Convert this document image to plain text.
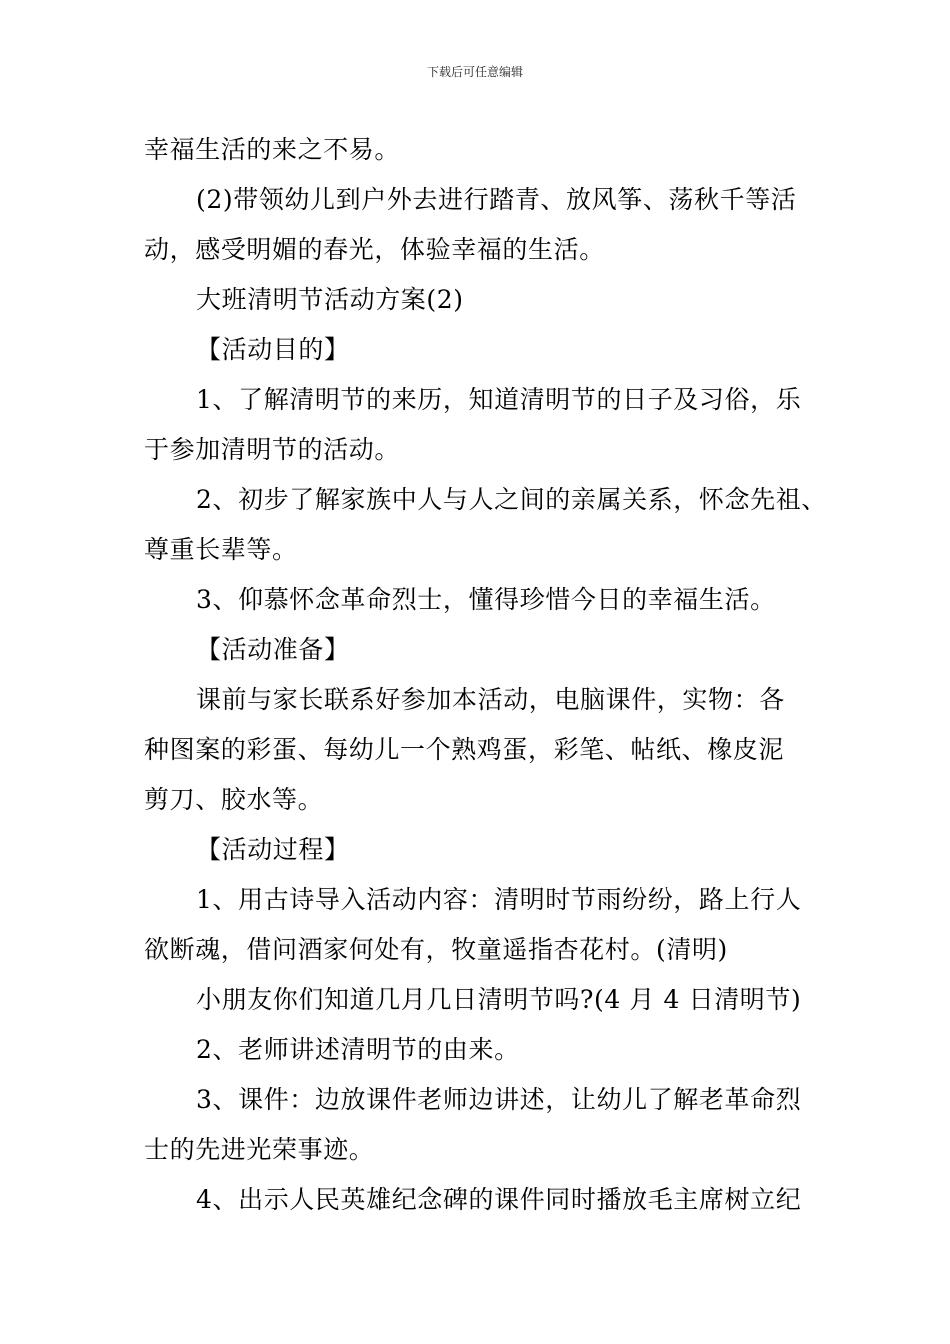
下载后可任意编辑
幸福生活的来之不易。
(2)带领幼儿到户外去进行踏青、放风筝、荡秋千等活
动，感受明媚的春光，体验幸福的生活。
大班清明节活动方案(2)
【活动目的】
1、了解清明节的来历，知道清明节的日子及习俗，乐
于参加清明节的活动。
2、初步了解家族中人与人之间的亲属关系，怀念先祖、
尊重长辈等。
3、仰慕怀念革命烈士，懂得珍惜今日的幸福生活。
【活动准备】
课前与家长联系好参加本活动，电脑课件，实物：各
种图案的彩蛋、每幼儿一个熟鸡蛋，彩笔、帖纸、橡皮泥
剪刀、胶水等。
【活动过程】
1、用古诗导入活动内容：清明时节雨纷纷，路上行人
欲断魂，借问酒家何处有，牧童遥指杏花村。(清明)
小朋友你们知道几月几日清明节吗?(4 月 4 日清明节)
2、老师讲述清明节的由来。
3、课件：边放课件老师边讲述，让幼儿了解老革命烈
士的先进光荣事迹。
4、出示人民英雄纪念碑的课件同时播放毛主席树立纪
